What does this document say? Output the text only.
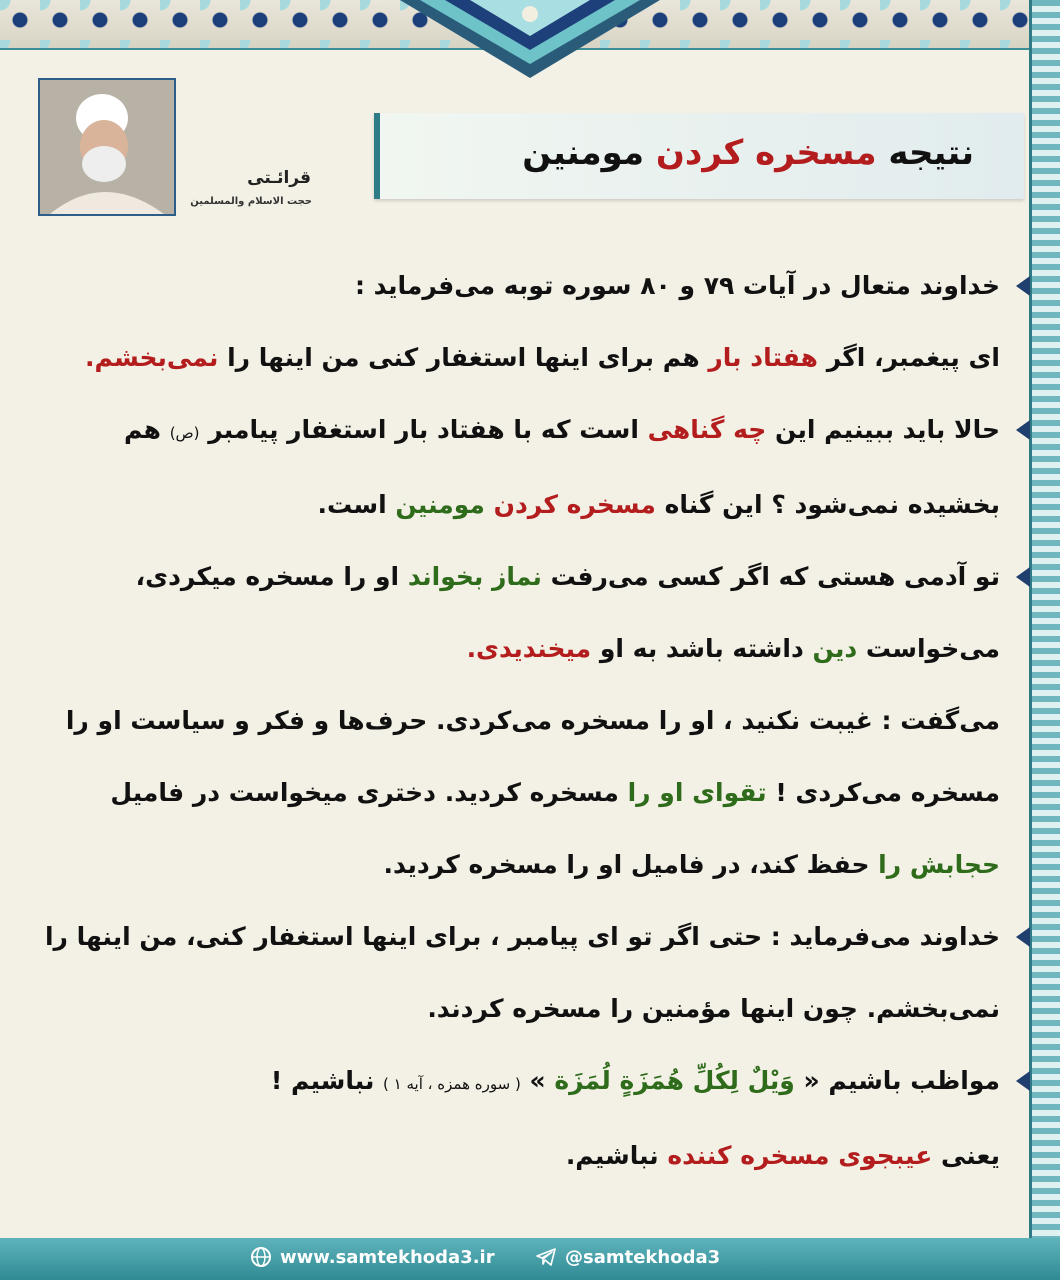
قرائـتی
حجت الاسلام والمسلمین
نتیجه مسخره کردن مومنین
خداوند متعال در آیات ۷۹ و ۸۰ سوره توبه می‌فرماید :
ای پیغمبر، اگر هفتاد بار هم برای اینها استغفار کنی من اینها را نمی‌بخشم.
حالا باید ببینیم این چه گناهی است که با هفتاد بار استغفار پیامبر (ص) هم بخشیده نمی‌شود ؟ این گناه مسخره کردن مومنین است.
تو آدمی هستی که اگر کسی می‌رفت نماز بخواند او را مسخره میکردی، می‌خواست دین داشته باشد به او میخندیدی.
می‌گفت : غیبت نکنید ، او را مسخره می‌کردی. حرف‌ها و فکر و سیاست او را مسخره می‌کردی ! تقوای او را مسخره کردید. دختری میخواست در فامیل حجابش را حفظ کند، در فامیل او را مسخره کردید.
خداوند می‌فرماید : حتی اگر تو ای پیامبر ، برای اینها استغفار کنی، من اینها را نمی‌بخشم. چون اینها مؤمنین را مسخره کردند.
مواظب باشیم « وَیْلٌ لِکُلِّ هُمَزَةٍ لُمَزَة » ( سوره همزه ، آیه ۱ ) نباشیم !
یعنی عیبجوی مسخره کننده نباشیم.
www.samtekhoda3.ir	@samtekhoda3
